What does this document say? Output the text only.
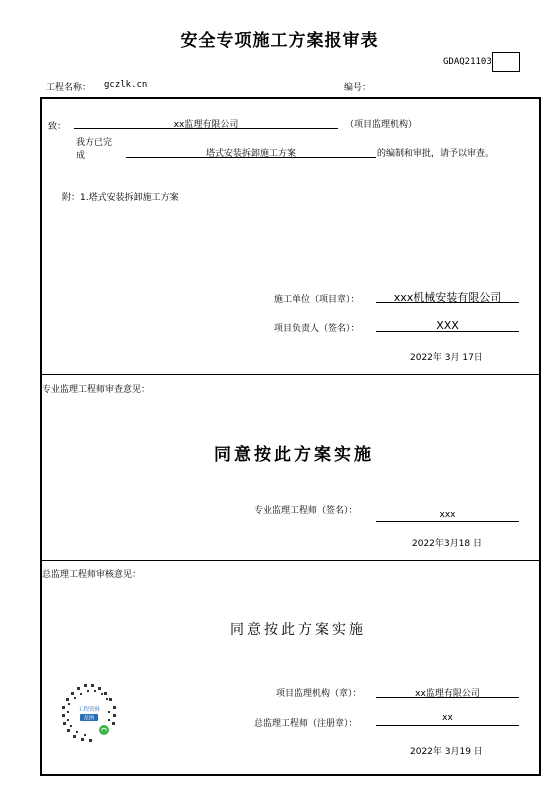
安全专项施工方案报审表
GDAQ21103
工程名称： gczlk.cn	编号：
致：	xx监理有限公司	（项目监理机构）
我方已完
成	塔式安装拆卸施工方案	的编制和审批，请予以审查。
附：1.塔式安装拆卸施工方案
施工单位（项目章）：	xxx机械安装有限公司
项目负责人（签名）：	XXX
2022年 3月 17日
专业监理工程师审查意见：
同意按此方案实施
专业监理工程师（签名）：	xxx
2022年3月18 日
总监理工程师审核意见：
同意按此方案实施
项目监理机构（章）：	xx监理有限公司
总监理工程师（注册章）：
xx
2022年 3月19 日
工程资料
范例
